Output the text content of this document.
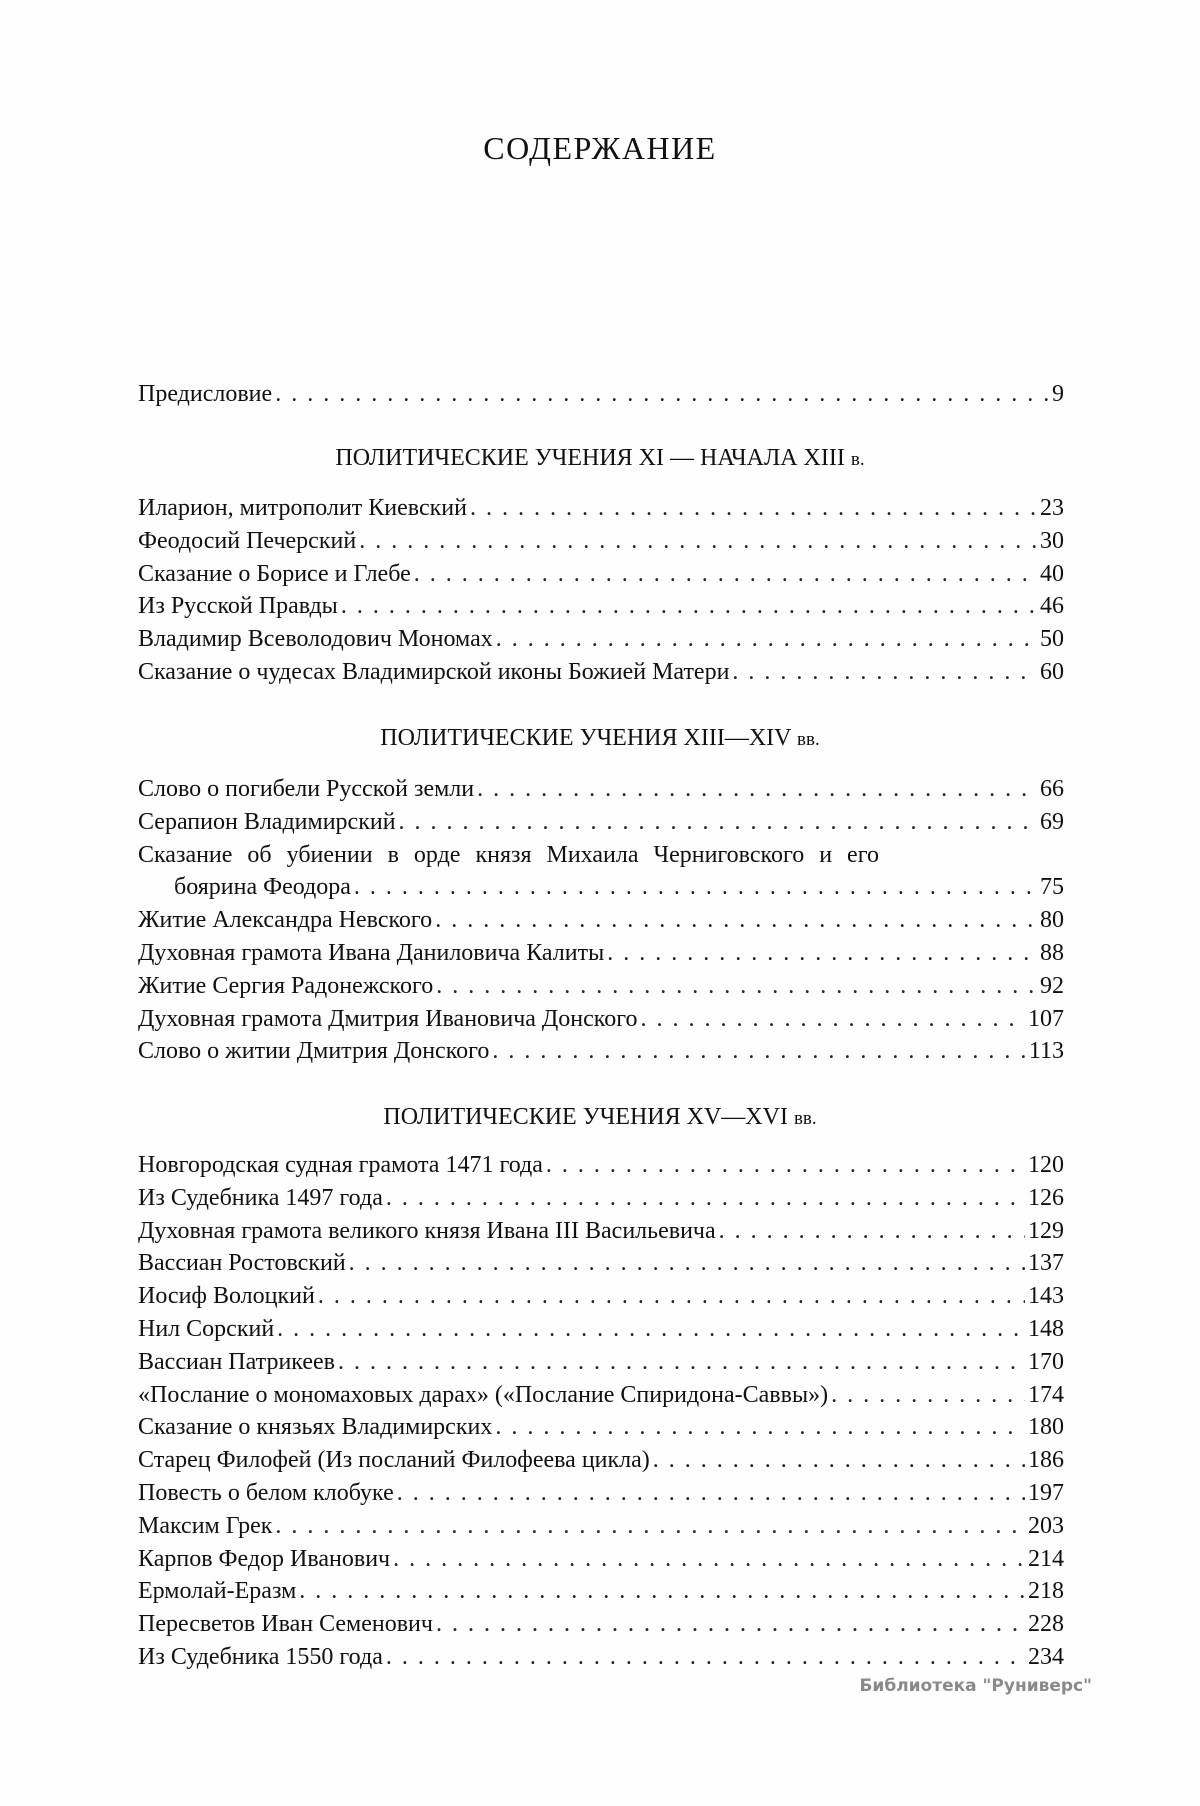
СОДЕРЖАНИЕ
Предисловие . . .	9
ПОЛИТИЧЕСКИЕ УЧЕНИЯ XI — НАЧАЛА XIII в.
Иларион, митрополит Киевский . . .	23
Феодосий Печерский . . .	30
Сказание о Борисе и Глебе . . .	40
Из Русской Правды . . .	46
Владимир Всеволодович Мономах . . .	50
Сказание о чудесах Владимирской иконы Божией Матери . . .	60
ПОЛИТИЧЕСКИЕ УЧЕНИЯ XIII—XIV вв.
Слово о погибели Русской земли . . .	66
Серапион Владимирский . . .	69
Сказание об убиении в орде князя Михаила Черниговского и его
боярина Феодора . . .	75
Житие Александра Невского . . .	80
Духовная грамота Ивана Даниловича Калиты . . .	88
Житие Сергия Радонежского . . .	92
Духовная грамота Дмитрия Ивановича Донского . . .	107
Слово о житии Дмитрия Донского . . .	113
ПОЛИТИЧЕСКИЕ УЧЕНИЯ XV—XVI вв.
Новгородская судная грамота 1471 года . . .	120
Из Судебника 1497 года . . .	126
Духовная грамота великого князя Ивана III Васильевича . . .	129
Вассиан Ростовский . . .	137
Иосиф Волоцкий . . .	143
Нил Сорский . . .	148
Вассиан Патрикеев . . .	170
«Послание о мономаховых дарах» («Послание Спиридона-Саввы») . . .	174
Сказание о князьях Владимирских . . .	180
Старец Филофей (Из посланий Филофеева цикла) . . .	186
Повесть о белом клобуке . . .	197
Максим Грек . . .	203
Карпов Федор Иванович . . .	214
Ермолай-Еразм . . .	218
Пересветов Иван Семенович . . .	228
Из Судебника 1550 года . . .	234
Библиотека "Руниверс"
